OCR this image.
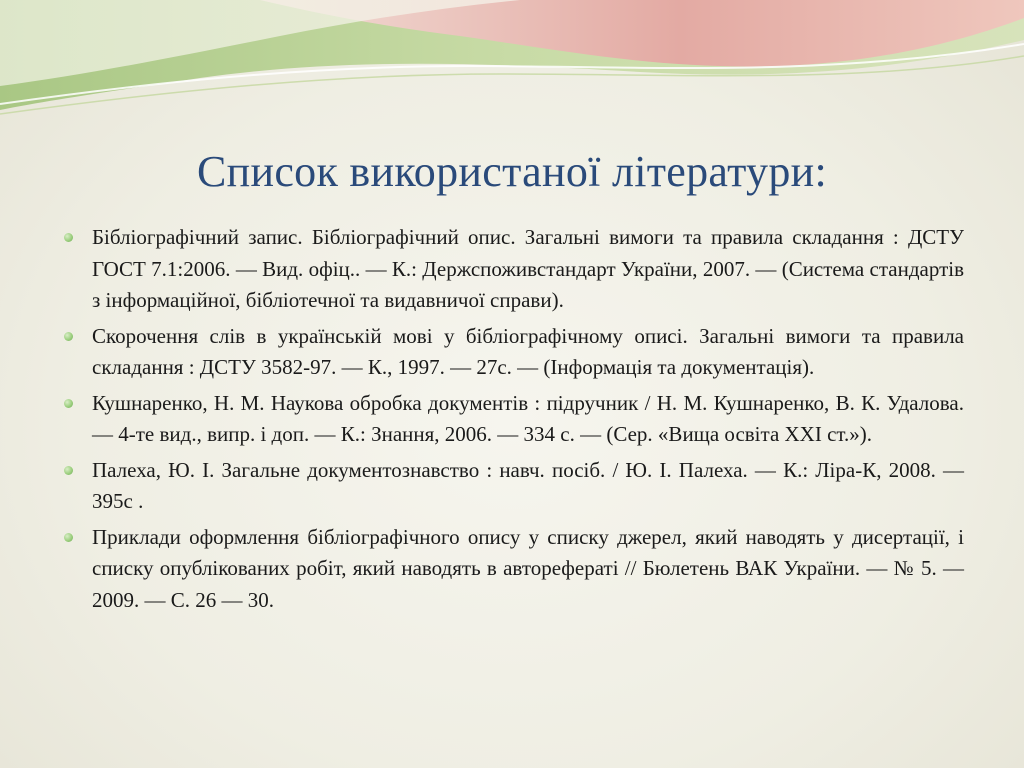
Список використаної літератури:
Бібліографічний запис. Бібліографічний опис. Загальні вимоги та правила складання : ДСТУ ГОСТ 7.1:2006. — Вид. офіц.. — К.: Держспоживстандарт України, 2007. — (Система стандартів з інформаційної, бібліотечної та видавничої справи).
Скорочення слів в українській мові у бібліографічному описі. Загальні вимоги та правила складання : ДСТУ 3582-97. — К., 1997. — 27с. — (Інформація та документація).
Кушнаренко, Н. М. Наукова обробка документів : підручник / Н. М. Кушнаренко, В. К. Удалова. — 4-те вид., випр. і доп. — К.: Знання, 2006. — 334 с. — (Сер. «Вища освіта XXI ст.»).
Палеха, Ю. І. Загальне документознавство : навч. посіб. / Ю. І. Палеха. — К.: Ліра-К, 2008. — 395с .
Приклади оформлення бібліографічного опису у списку джерел, який наводять у дисертації, і списку опублікованих робіт, який наводять в авторефераті // Бюлетень ВАК України. — № 5. — 2009. — С. 26 — 30.
